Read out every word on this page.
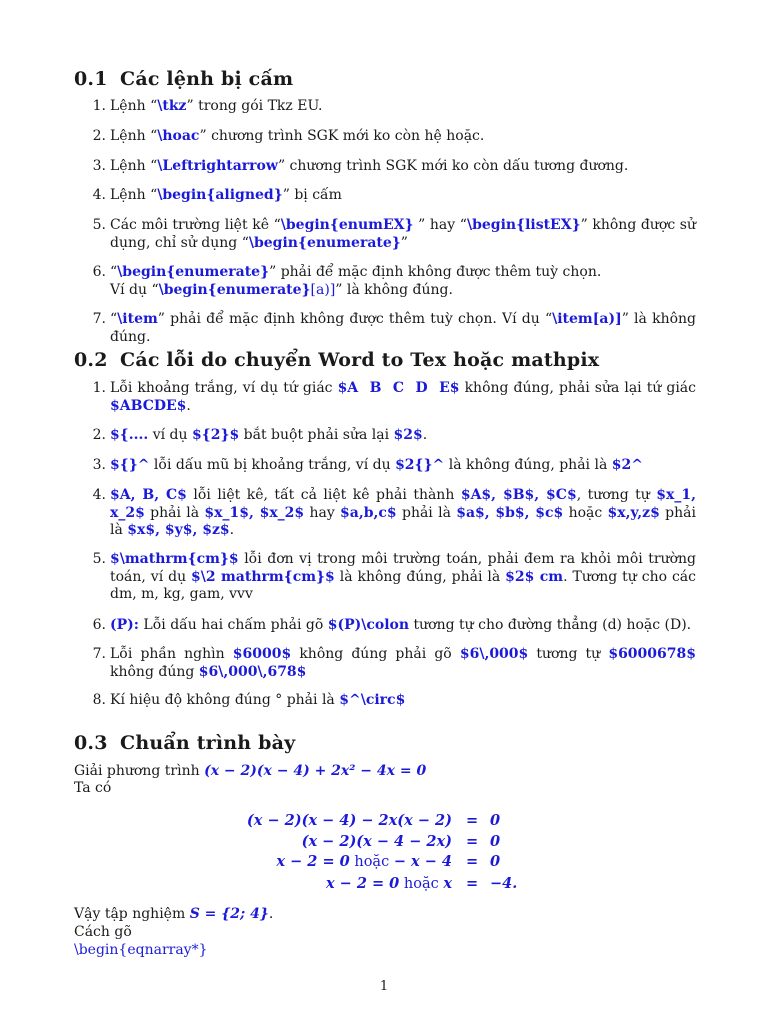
0.1 Các lệnh bị cấm
1. Lệnh “\tkz” trong gói Tkz EU.
2. Lệnh “\hoac” chương trình SGK mới ko còn hệ hoặc.
3. Lệnh “\Leftrightarrow” chương trình SGK mới ko còn dấu tương đương.
4. Lệnh “\begin{aligned}” bị cấm
5. Các môi trường liệt kê “\begin{enumEX} ” hay “\begin{listEX}” không được sử dụng, chỉ sử dụng “\begin{enumerate}”
6. “\begin{enumerate}” phải để mặc định không được thêm tuỳ chọn.
Ví dụ “\begin{enumerate}[a)]” là không đúng.
7. “\item” phải để mặc định không được thêm tuỳ chọn. Ví dụ “\item[a)]” là không đúng.
0.2 Các lỗi do chuyển Word to Tex hoặc mathpix
1. Lỗi khoảng trắng, ví dụ tứ giác $A B C D E$ không đúng, phải sửa lại tứ giác $ABCDE$.
2. ${.... ví dụ ${2}$ bắt buột phải sửa lại $2$.
3. ${}^ lỗi dấu mũ bị khoảng trắng, ví dụ $2{}^ là không đúng, phải là $2^
4. $A, B, C$ lỗi liệt kê, tất cả liệt kê phải thành $A$, $B$, $C$, tương tự $x_1, x_2$ phải là $x_1$, $x_2$ hay $a,b,c$ phải là $a$, $b$, $c$ hoặc $x,y,z$ phải là $x$, $y$, $z$.
5. $\mathrm{cm}$ lỗi đơn vị trong môi trường toán, phải đem ra khỏi môi trường toán, ví dụ $\2 mathrm{cm}$ là không đúng, phải là $2$ cm. Tương tự cho các dm, m, kg, gam, vvv
6. (P): Lỗi dấu hai chấm phải gõ $(P)\colon tương tự cho đường thẳng (d) hoặc (D).
7. Lỗi phần nghìn $6000$ không đúng phải gõ $6\,000$ tương tự $6000678$ không đúng $6\,000\,678$
8. Kí hiệu độ không đúng ° phải là $^\circ$
0.3 Chuẩn trình bày
Giải phương trình (x − 2)(x − 4) + 2x² − 4x = 0
Ta có
(x − 2)(x − 4) − 2x(x − 2) = 0
(x − 2)(x − 4 − 2x) = 0
x − 2 = 0 hoặc − x − 4 = 0
x − 2 = 0 hoặc x = −4.
Vậy tập nghiệm S = {2; 4}.
Cách gõ
\begin{eqnarray*}
1
